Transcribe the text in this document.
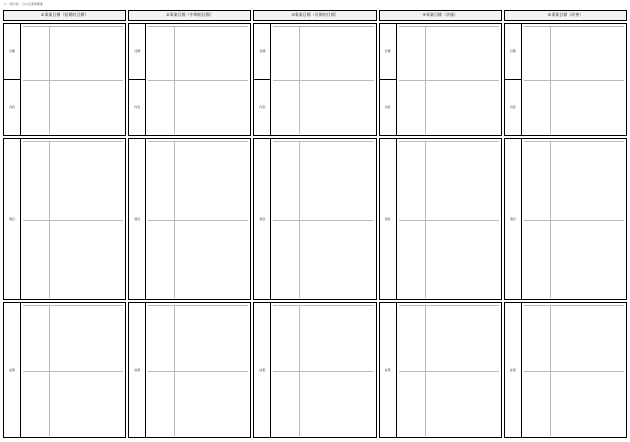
1 一般行政・日の定事業概要
①事業目標（短期的目標）
目標
内容
項目
成果
②事業目標（中期的目標）
目標
内容
項目
成果
③事業目標（長期的目標）
目標
内容
項目
成果
④事業目標（評価）
目標
内容
項目
成果
⑤事業目標（改善）
目標
内容
項目
成果
